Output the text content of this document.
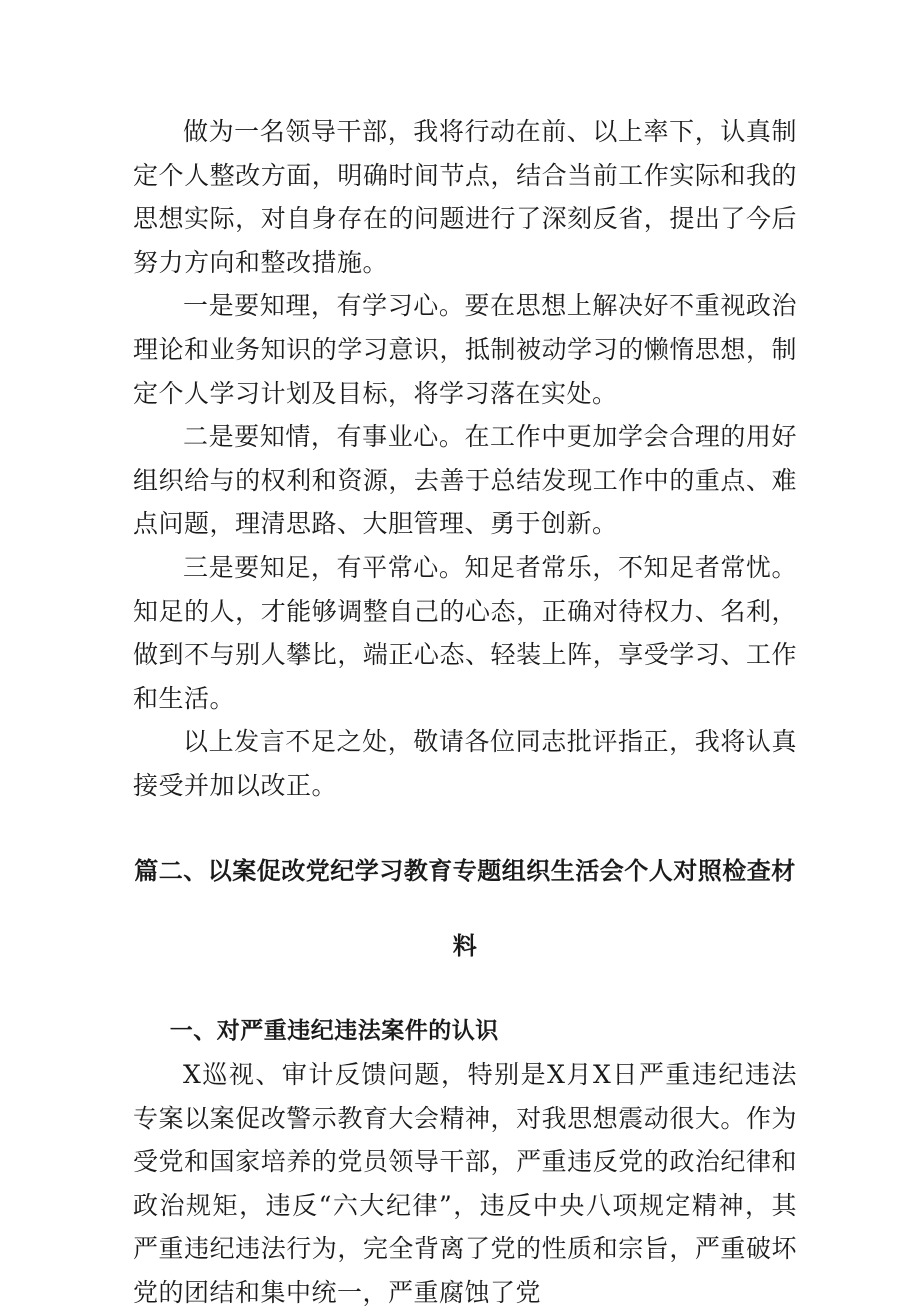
做为一名领导干部，我将行动在前、以上率下，认真制定个人整改方面，明确时间节点，结合当前工作实际和我的思想实际，对自身存在的问题进行了深刻反省，提出了今后努力方向和整改措施。

一是要知理，有学习心。要在思想上解决好不重视政治理论和业务知识的学习意识，抵制被动学习的懒惰思想，制定个人学习计划及目标，将学习落在实处。

二是要知情，有事业心。在工作中更加学会合理的用好组织给与的权利和资源，去善于总结发现工作中的重点、难点问题，理清思路、大胆管理、勇于创新。

三是要知足，有平常心。知足者常乐，不知足者常忧。知足的人，才能够调整自己的心态，正确对待权力、名利，做到不与别人攀比，端正心态、轻装上阵，享受学习、工作和生活。

以上发言不足之处，敬请各位同志批评指正，我将认真接受并加以改正。

篇二、以案促改党纪学习教育专题组织生活会个人对照检查材料
一、对严重违纪违法案件的认识

X巡视、审计反馈问题，特别是X月X日严重违纪违法专案以案促改警示教育大会精神，对我思想震动很大。作为受党和国家培养的党员领导干部，严重违反党的政治纪律和政治规矩，违反“六大纪律”，违反中央八项规定精神，其严重违纪违法行为，完全背离了党的性质和宗旨，严重破坏党的团结和集中统一，严重腐蚀了党
